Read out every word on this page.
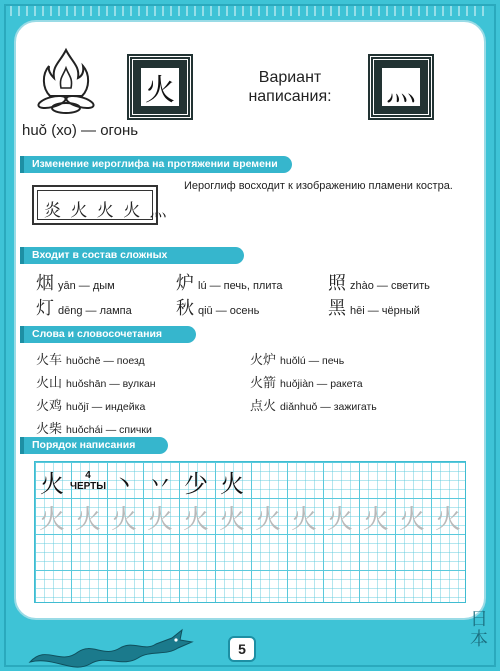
huǒ (хо) — огонь
火	Вариант
написания: 灬
Изменение иероглифа на протяжении времени
炎 火 火 火 灬
Иероглиф восходит к изображению пламени костра.
Входит в состав сложных иероглифов
烟 yān — дым	炉 lú — печь, плита	照 zhào — светить
灯 dēng — лампа 秋 qiū — осень	黑 hēi — чёрный
Слова и словосочетания
火车 huǒchē — поезд
火山 huǒshān — вулкан
火鸡 huǒjī — индейка
火柴 huǒchái — спички
火炉 huǒlú — печь
火箭 huǒjiàn — ракета
点火 diǎnhuǒ — зажигать
Порядок написания
火	4
ЧЕРТЫ 丶 丷 少 火
火 火 火 火 火 火 火 火 火 火 火 火
5
日
本
